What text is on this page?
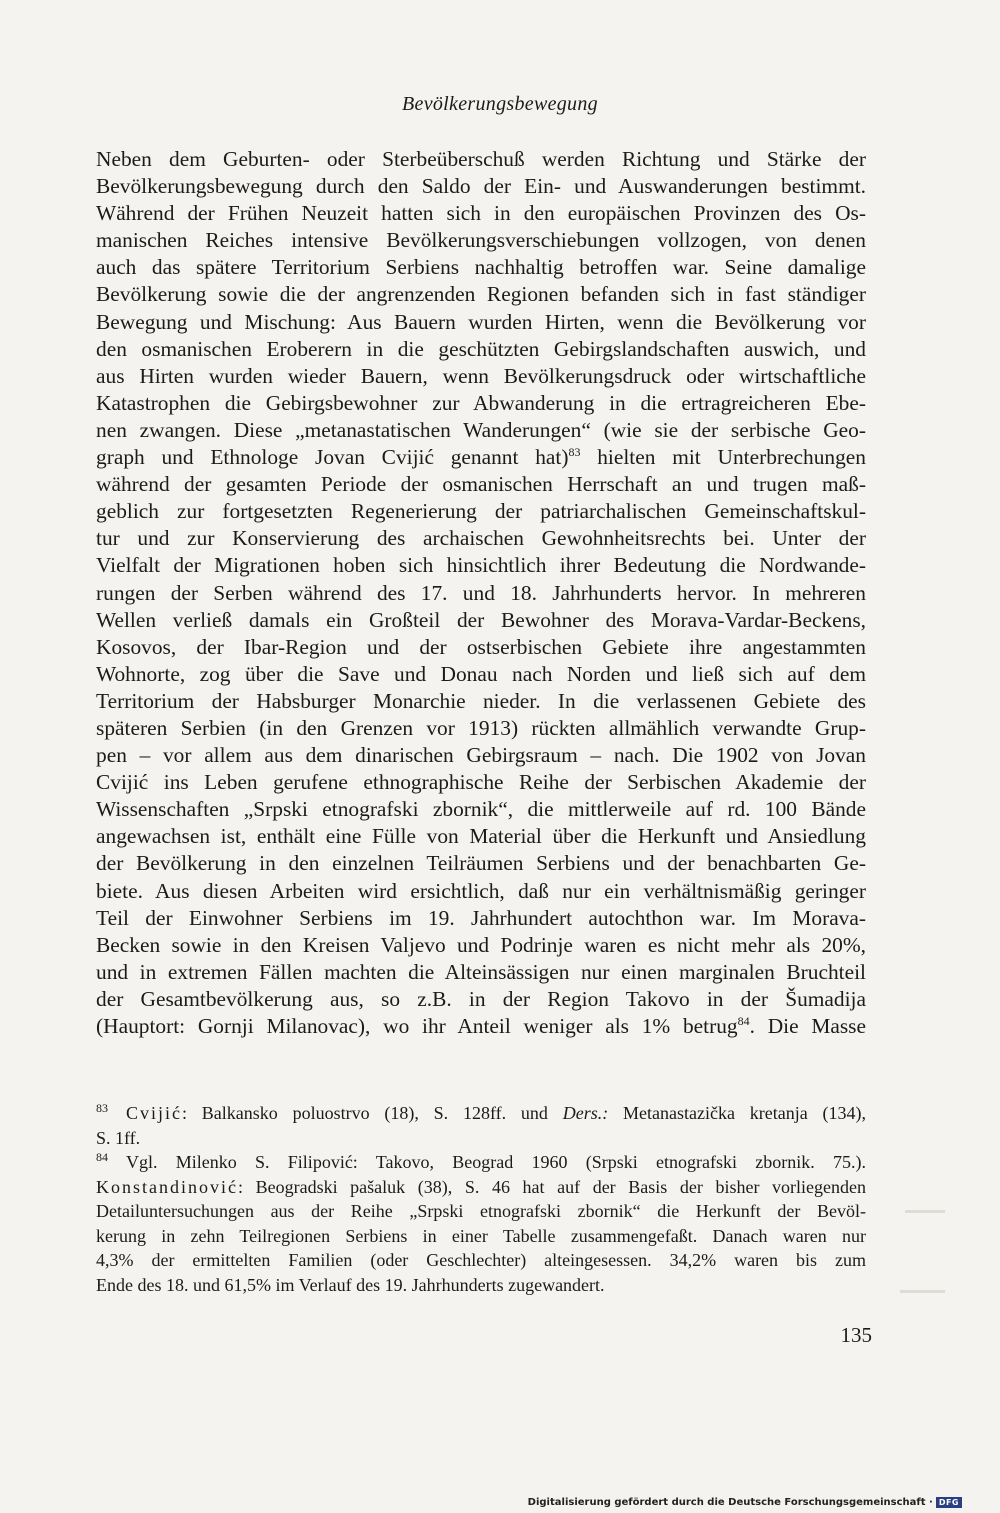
Bevölkerungsbewegung
Neben dem Geburten- oder Sterbeüberschuß werden Richtung und Stärke der
Bevölkerungsbewegung durch den Saldo der Ein- und Auswanderungen bestimmt.
Während der Frühen Neuzeit hatten sich in den europäischen Provinzen des Os-
manischen Reiches intensive Bevölkerungsverschiebungen vollzogen, von denen
auch das spätere Territorium Serbiens nachhaltig betroffen war. Seine damalige
Bevölkerung sowie die der angrenzenden Regionen befanden sich in fast ständiger
Bewegung und Mischung: Aus Bauern wurden Hirten, wenn die Bevölkerung vor
den osmanischen Eroberern in die geschützten Gebirgslandschaften auswich, und
aus Hirten wurden wieder Bauern, wenn Bevölkerungsdruck oder wirtschaftliche
Katastrophen die Gebirgsbewohner zur Abwanderung in die ertragreicheren Ebe-
nen zwangen. Diese „metanastatischen Wanderungen“ (wie sie der serbische Geo-
graph und Ethnologe Jovan Cvijić genannt hat)$^{83}$ hielten mit Unterbrechungen
während der gesamten Periode der osmanischen Herrschaft an und trugen maß-
geblich zur fortgesetzten Regenerierung der patriarchalischen Gemeinschaftskul-
tur und zur Konservierung des archaischen Gewohnheitsrechts bei. Unter der
Vielfalt der Migrationen hoben sich hinsichtlich ihrer Bedeutung die Nordwande-
rungen der Serben während des 17. und 18. Jahrhunderts hervor. In mehreren
Wellen verließ damals ein Großteil der Bewohner des Morava-Vardar-Beckens,
Kosovos, der Ibar-Region und der ostserbischen Gebiete ihre angestammten
Wohnorte, zog über die Save und Donau nach Norden und ließ sich auf dem
Territorium der Habsburger Monarchie nieder. In die verlassenen Gebiete des
späteren Serbien (in den Grenzen vor 1913) rückten allmählich verwandte Grup-
pen – vor allem aus dem dinarischen Gebirgsraum – nach. Die 1902 von Jovan
Cvijić ins Leben gerufene ethnographische Reihe der Serbischen Akademie der
Wissenschaften „Srpski etnografski zbornik“, die mittlerweile auf rd. 100 Bände
angewachsen ist, enthält eine Fülle von Material über die Herkunft und Ansiedlung
der Bevölkerung in den einzelnen Teilräumen Serbiens und der benachbarten Ge-
biete. Aus diesen Arbeiten wird ersichtlich, daß nur ein verhältnismäßig geringer
Teil der Einwohner Serbiens im 19. Jahrhundert autochthon war. Im Morava-
Becken sowie in den Kreisen Valjevo und Podrinje waren es nicht mehr als 20%,
und in extremen Fällen machten die Alteinsässigen nur einen marginalen Bruchteil
der Gesamtbevölkerung aus, so z.B. in der Region Takovo in der Šumadija
(Hauptort: Gornji Milanovac), wo ihr Anteil weniger als 1% betrug$^{84}$. Die Masse
83 Cvijić: Balkansko poluostrvo (18), S. 128ff. und Ders.: Metanastazička kretanja (134),
S. 1ff.
84 Vgl. Milenko S. Filipović: Takovo, Beograd 1960 (Srpski etnografski zbornik. 75.).
Konstandinović: Beogradski pašaluk (38), S. 46 hat auf der Basis der bisher vorliegenden
Detailuntersuchungen aus der Reihe „Srpski etnografski zbornik“ die Herkunft der Bevöl-
kerung in zehn Teilregionen Serbiens in einer Tabelle zusammengefaßt. Danach waren nur
4,3% der ermittelten Familien (oder Geschlechter) alteingesessen. 34,2% waren bis zum
Ende des 18. und 61,5% im Verlauf des 19. Jahrhunderts zugewandert.
135
Digitalisierung gefördert durch die Deutsche Forschungsgemeinschaft · DFG
